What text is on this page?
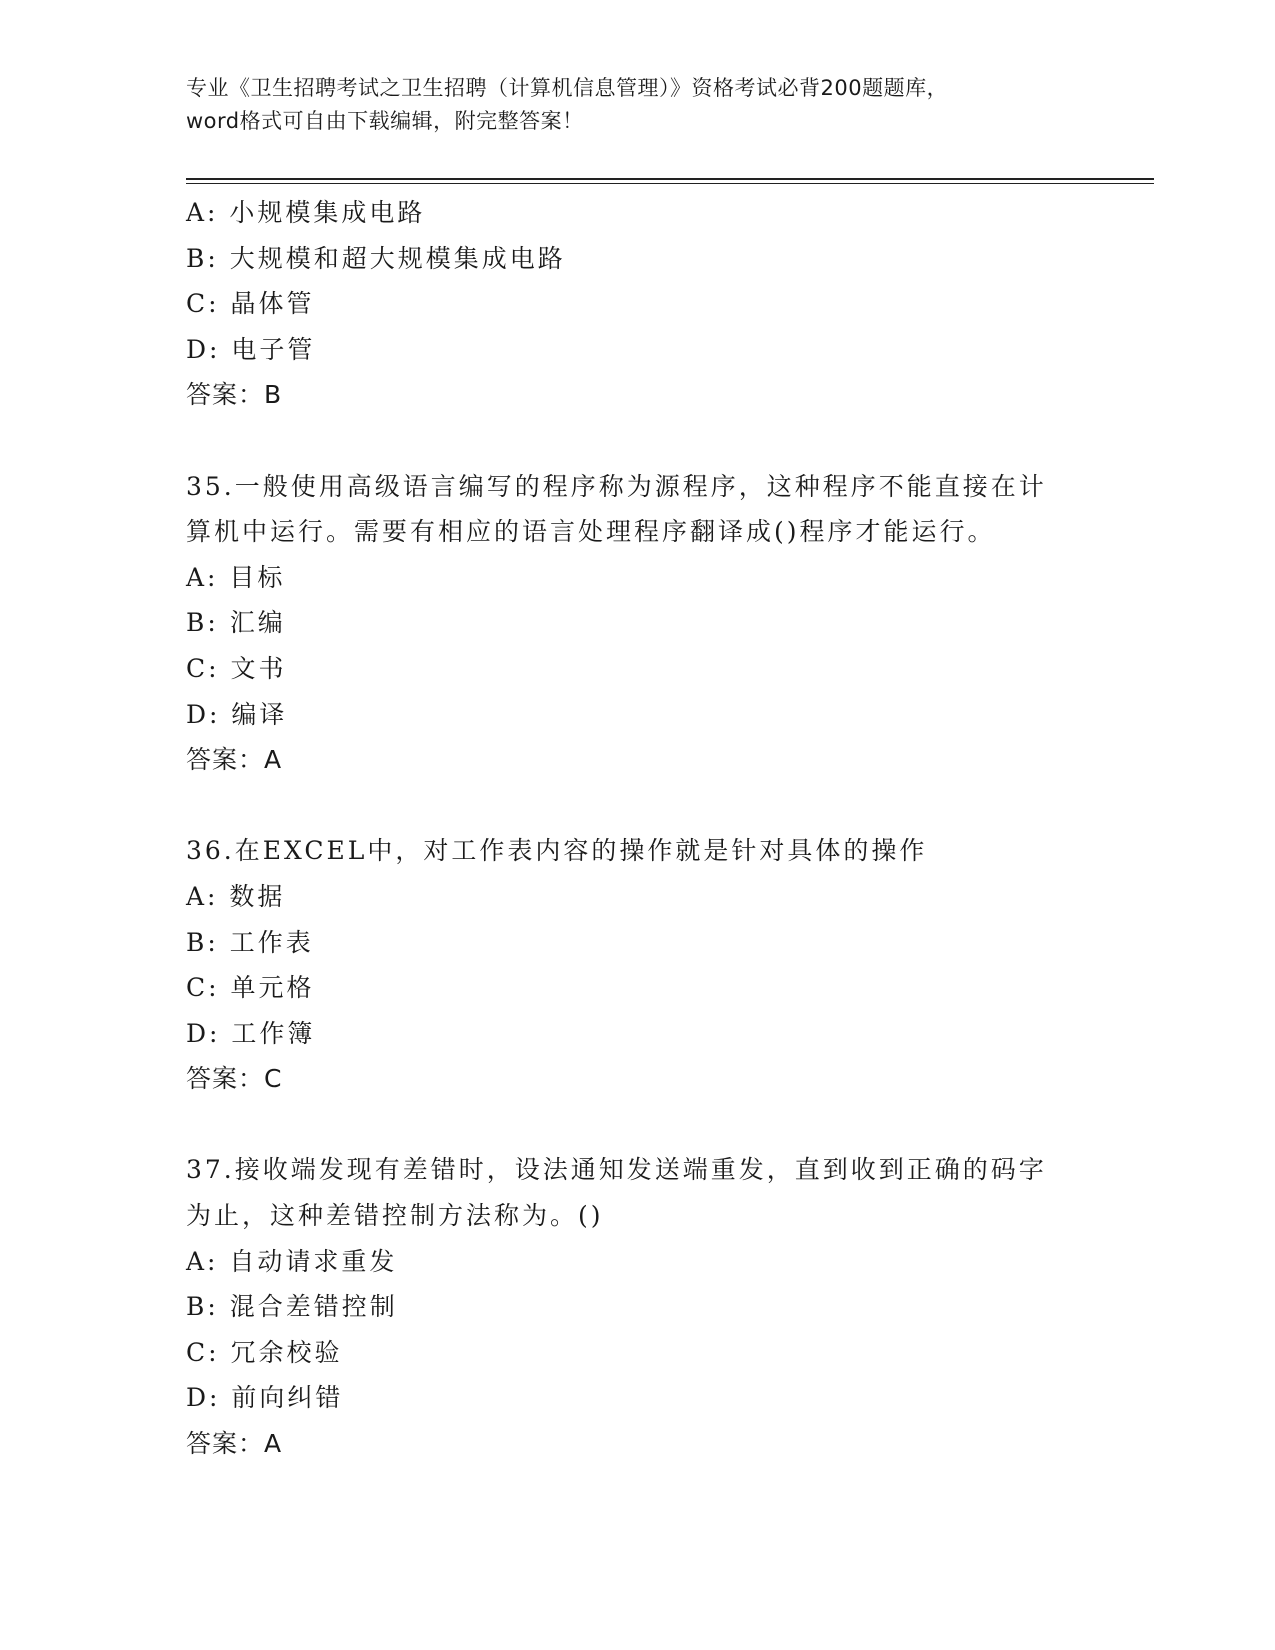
专业《卫生招聘考试之卫生招聘（计算机信息管理）》资格考试必背200题题库，
word格式可自由下载编辑，附完整答案！
A: 小规模集成电路
B: 大规模和超大规模集成电路
C: 晶体管
D: 电子管
答案：B
35.一般使用高级语言编写的程序称为源程序，这种程序不能直接在计
算机中运行。需要有相应的语言处理程序翻译成()程序才能运行。
A: 目标
B: 汇编
C: 文书
D: 编译
答案：A
36.在EXCEL中，对工作表内容的操作就是针对具体的操作
A: 数据
B: 工作表
C: 单元格
D: 工作簿
答案：C
37.接收端发现有差错时，设法通知发送端重发，直到收到正确的码字
为止，这种差错控制方法称为。()
A: 自动请求重发
B: 混合差错控制
C: 冗余校验
D: 前向纠错
答案：A
